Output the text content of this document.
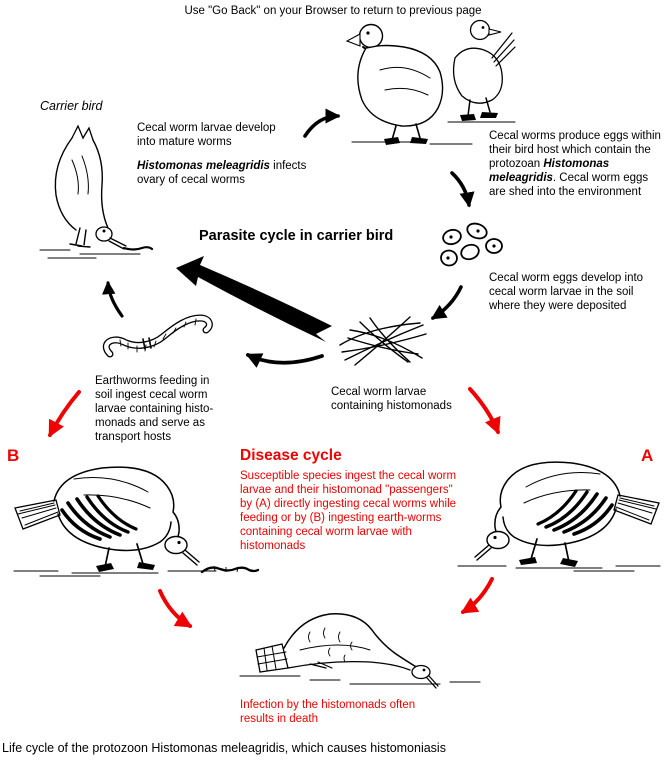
Use "Go Back" on your Browser to return to previous page
Carrier bird
Cecal worm larvae develop into mature worms
Histomonas meleagridis infects ovary of cecal worms
Cecal worms produce eggs within their bird host which contain the protozoan Histomonas meleagridis. Cecal worm eggs are shed into the environment
Parasite cycle in carrier bird
Cecal worm eggs develop into cecal worm larvae in the soil where they were deposited
Earthworms feeding in soil ingest cecal worm larvae containing histo-monads and serve as transport hosts
Cecal worm larvae containing histomonads
B	A
Disease cycle
Susceptible species ingest the cecal worm larvae and their histomonad "passengers" by (A) directly ingesting cecal worms while feeding or by (B) ingesting earth-worms containing cecal worm larvae with histomonads
Infection by the histomonads often results in death
Life cycle of the protozoon Histomonas meleagridis, which causes histomoniasis
